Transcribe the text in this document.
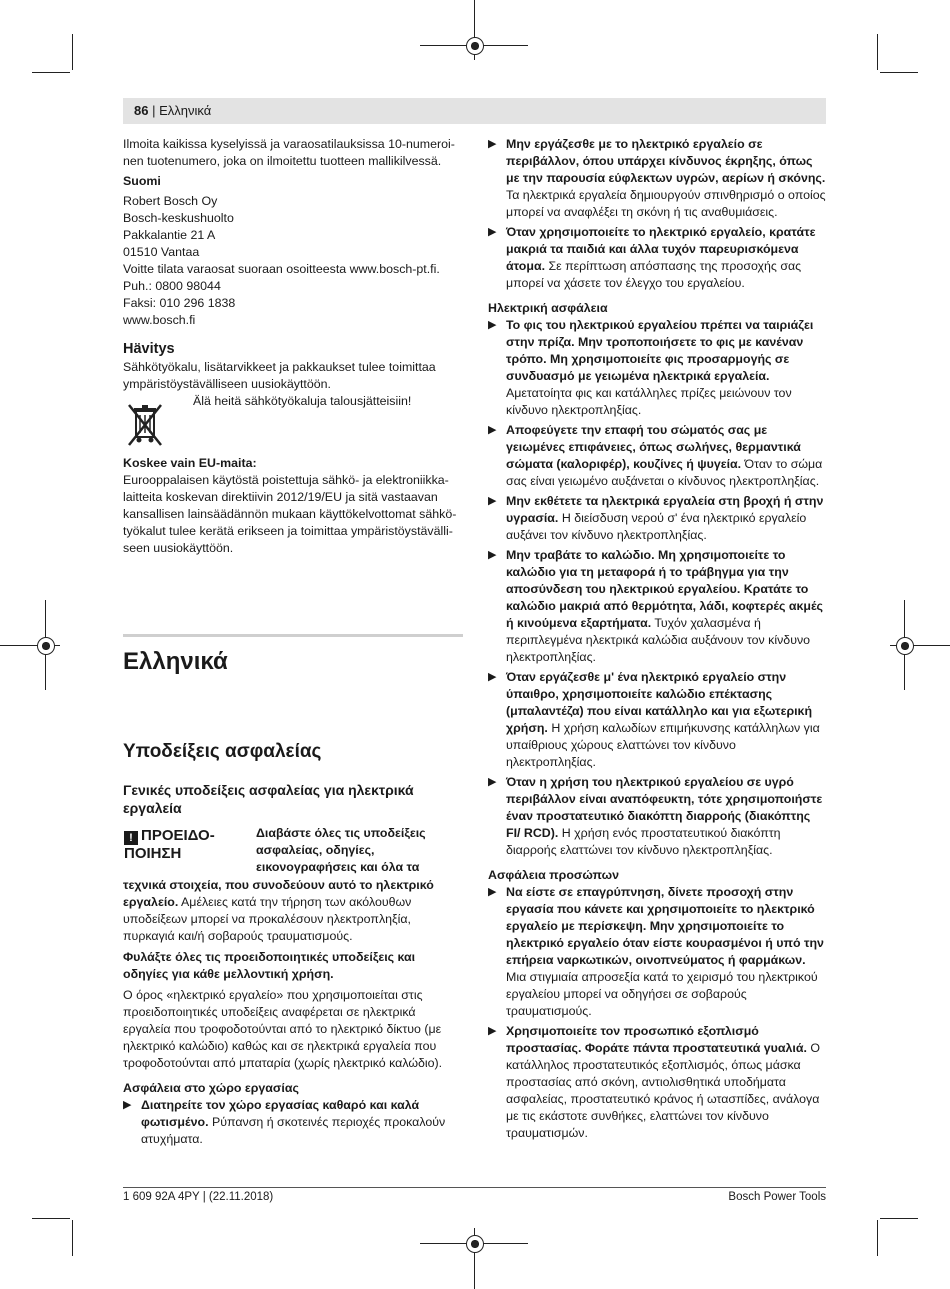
86 | Ελληνικά

Ilmoita kaikissa kyselyissä ja varaosatilauksissa 10-numeroi-nen tuotenumero, joka on ilmoitettu tuotteen mallikilvessä.

Suomi

Robert Bosch Oy
Bosch-keskushuolto
Pakkalantie 21 A
01510 Vantaa
Voitte tilata varaosat suoraan osoitteesta www.bosch-pt.fi.
Puh.: 0800 98044
Faksi: 010 296 1838
www.bosch.fi

Hävitys

Sähkötyökalu, lisätarvikkeet ja pakkaukset tulee toimittaa ympäristöystävälliseen uusiokäyttöön.

Älä heitä sähkötyökaluja talousjätteisiin!

Koskee vain EU-maita:

Eurooppalaisen käytöstä poistettuja sähkö- ja elektroniikka-laitteita koskevan direktiivin 2012/19/EU ja sitä vastaavan kansallisen lainsäädännön mukaan käyttökelvottomat sähkö-työkalut tulee kerätä erikseen ja toimittaa ympäristöystävälli-seen uusiokäyttöön.

Ελληνικά
Υποδείξεις ασφαλείας
Γενικές υποδείξεις ασφαλείας για ηλεκτρικά εργαλεία
! ΠΡΟΕΙΔΟ-ΠΟΙΗΣΗ
Διαβάστε όλες τις υποδείξεις ασφαλείας, οδηγίες, εικονογραφήσεις και όλα τα

τεχνικά στοιχεία, που συνοδεύουν αυτό το ηλεκτρικό εργαλείο. Αμέλειες κατά την τήρηση των ακόλουθων υποδείξεων μπορεί να προκαλέσουν ηλεκτροπληξία, πυρκαγιά και/ή σοβαρούς τραυματισμούς.

Φυλάξτε όλες τις προειδοποιητικές υποδείξεις και οδηγίες για κάθε μελλοντική χρήση.

Ο όρος «ηλεκτρικό εργαλείο» που χρησιμοποιείται στις προειδοποιητικές υποδείξεις αναφέρεται σε ηλεκτρικά εργαλεία που τροφοδοτούνται από το ηλεκτρικό δίκτυο (με ηλεκτρικό καλώδιο) καθώς και σε ηλεκτρικά εργαλεία που τροφοδοτούνται από μπαταρία (χωρίς ηλεκτρικό καλώδιο).

Ασφάλεια στο χώρο εργασίας

▶ Διατηρείτε τον χώρο εργασίας καθαρό και καλά φωτισμένο. Ρύπανση ή σκοτεινές περιοχές προκαλούν ατυχήματα.
▶ Μην εργάζεσθε με το ηλεκτρικό εργαλείο σε περιβάλλον, όπου υπάρχει κίνδυνος έκρηξης, όπως με την παρουσία εύφλεκτων υγρών, αερίων ή σκόνης. Τα ηλεκτρικά εργαλεία δημιουργούν σπινθηρισμό ο οποίος μπορεί να αναφλέξει τη σκόνη ή τις αναθυμιάσεις.
▶ Όταν χρησιμοποιείτε το ηλεκτρικό εργαλείο, κρατάτε μακριά τα παιδιά και άλλα τυχόν παρευρισκόμενα άτομα. Σε περίπτωση απόσπασης της προσοχής σας μπορεί να χάσετε τον έλεγχο του εργαλείου.

Ηλεκτρική ασφάλεια

▶ Το φις του ηλεκτρικού εργαλείου πρέπει να ταιριάζει στην πρίζα. Μην τροποποιήσετε το φις με κανέναν τρόπο. Μη χρησιμοποιείτε φις προσαρμογής σε συνδυασμό με γειωμένα ηλεκτρικά εργαλεία. Αμετατοίητα φις και κατάλληλες πρίζες μειώνουν τον κίνδυνο ηλεκτροπληξίας.
▶ Αποφεύγετε την επαφή του σώματός σας με γειωμένες επιφάνειες, όπως σωλήνες, θερμαντικά σώματα (καλοριφέρ), κουζίνες ή ψυγεία. Όταν το σώμα σας είναι γειωμένο αυξάνεται ο κίνδυνος ηλεκτροπληξίας.
▶ Μην εκθέτετε τα ηλεκτρικά εργαλεία στη βροχή ή στην υγρασία. Η διείσδυση νερού σ' ένα ηλεκτρικό εργαλείο αυξάνει τον κίνδυνο ηλεκτροπληξίας.
▶ Μην τραβάτε το καλώδιο. Μη χρησιμοποιείτε το καλώδιο για τη μεταφορά ή το τράβηγμα για την αποσύνδεση του ηλεκτρικού εργαλείου. Κρατάτε το καλώδιο μακριά από θερμότητα, λάδι, κοφτερές ακμές ή κινούμενα εξαρτήματα. Τυχόν χαλασμένα ή περιπλεγμένα ηλεκτρικά καλώδια αυξάνουν τον κίνδυνο ηλεκτροπληξίας.
▶ Όταν εργάζεσθε μ' ένα ηλεκτρικό εργαλείο στην ύπαιθρο, χρησιμοποιείτε καλώδιο επέκτασης (μπαλαντέζα) που είναι κατάλληλο και για εξωτερική χρήση. Η χρήση καλωδίων επιμήκυνσης κατάλληλων για υπαίθριους χώρους ελαττώνει τον κίνδυνο ηλεκτροπληξίας.
▶ Όταν η χρήση του ηλεκτρικού εργαλείου σε υγρό περιβάλλον είναι αναπόφευκτη, τότε χρησιμοποιήστε έναν προστατευτικό διακόπτη διαρροής (διακόπτης FI/ RCD). Η χρήση ενός προστατευτικού διακόπτη διαρροής ελαττώνει τον κίνδυνο ηλεκτροπληξίας.

Ασφάλεια προσώπων

▶ Να είστε σε επαγρύπνηση, δίνετε προσοχή στην εργασία που κάνετε και χρησιμοποιείτε το ηλεκτρικό εργαλείο με περίσκεψη. Μην χρησιμοποιείτε το ηλεκτρικό εργαλείο όταν είστε κουρασμένοι ή υπό την επήρεια ναρκωτικών, οινοπνεύματος ή φαρμάκων. Μια στιγμιαία απροσεξία κατά το χειρισμό του ηλεκτρικού εργαλείου μπορεί να οδηγήσει σε σοβαρούς τραυματισμούς.
▶ Χρησιμοποιείτε τον προσωπικό εξοπλισμό προστασίας. Φοράτε πάντα προστατευτικά γυαλιά. Ο κατάλληλος προστατευτικός εξοπλισμός, όπως μάσκα προστασίας από σκόνη, αντιολισθητικά υποδήματα ασφαλείας, προστατευτικό κράνος ή ωτασπίδες, ανάλογα με τις εκάστοτε συνθήκες, ελαττώνει τον κίνδυνο τραυματισμών.
1 609 92A 4PY | (22.11.2018)	Bosch Power Tools
